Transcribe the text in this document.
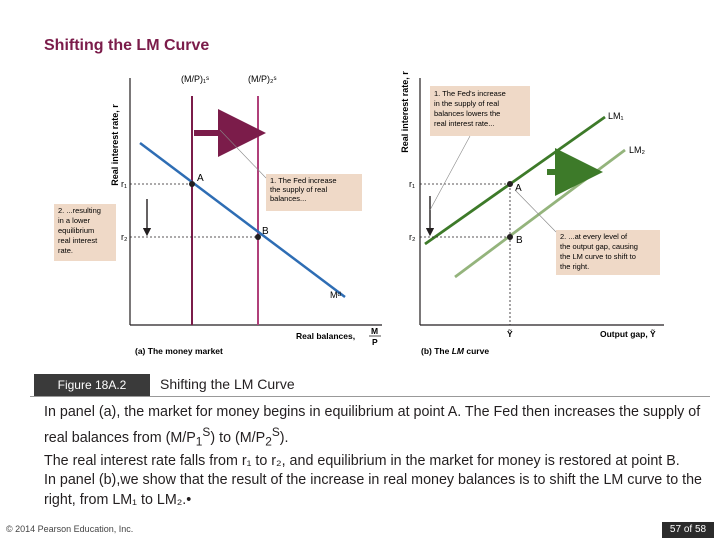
Shifting the LM Curve
Real interest rate, r
(M/P)₁ˢ	(M/P)₂ˢ
Mᵈ
r₁
r₂
A
B
1. The Fed increase the supply of real balances...
2. ...resulting in a lower equilibrium real interest rate.
Real balances, M
P
(a) The money market
Real interest rate, r	LM₁
LM₂
r₁
r₂
A
B
1. The Fed's increase in the supply of real balances lowers the real interest rate...
2. ...at every level of the output gap, causing the LM curve to shift to the right.
Ỹ	Output gap, Ỹ
(b) The LM curve
Figure 18A.2	Shifting the LM Curve
In panel (a), the market for money begins in equilibrium at point A. The Fed then increases the supply of real balances from $(M/P_1^S)$ to $(M/P_2^S)$.
The real interest rate falls from r₁ to r₂, and equilibrium in the market for money is restored at point B.
In panel (b),we show that the result of the increase in real money balances is to shift the LM curve to the right, from LM₁ to LM₂.•
© 2014 Pearson Education, Inc.	57 of 58
